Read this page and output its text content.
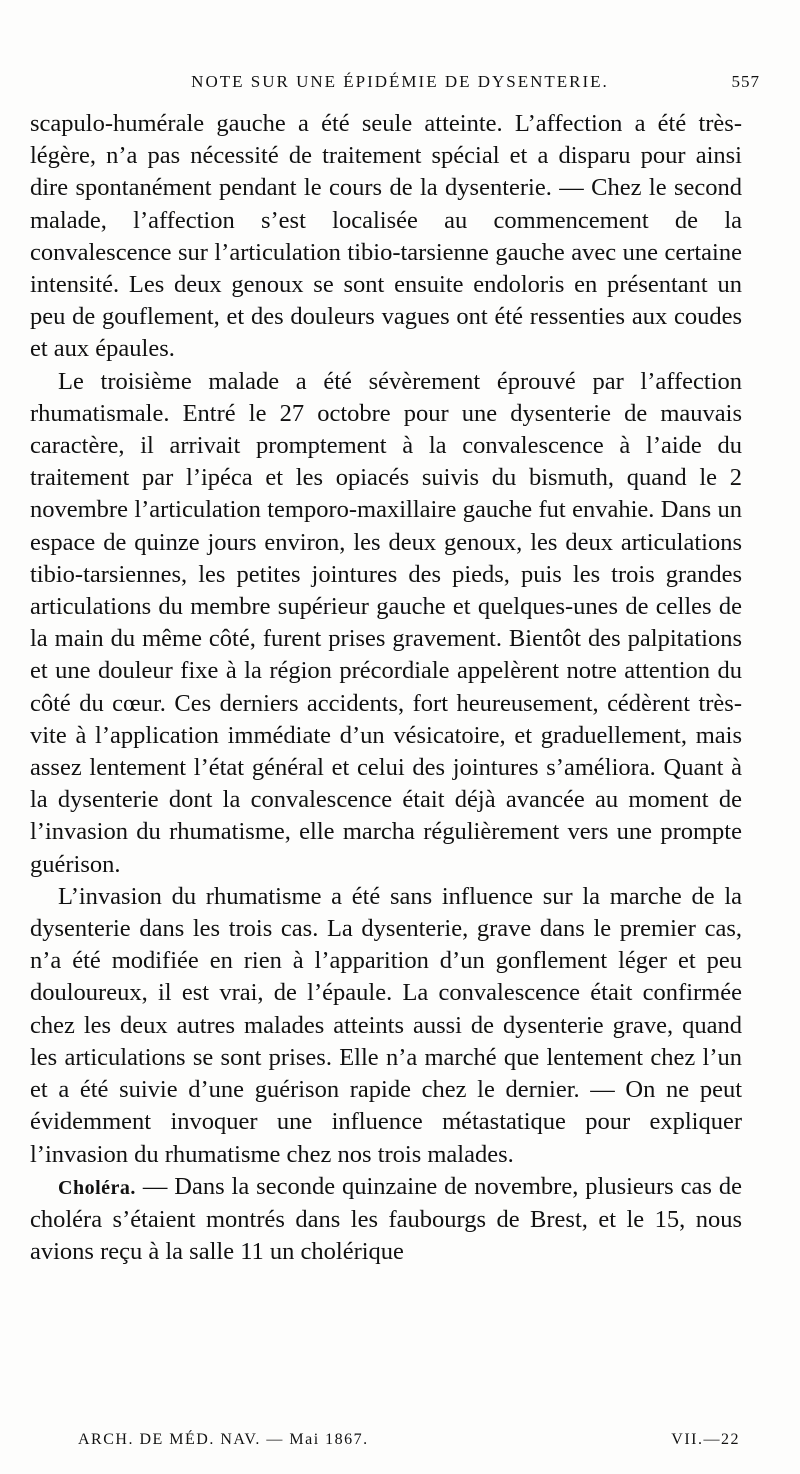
NOTE SUR UNE ÉPIDÉMIE DE DYSENTERIE.	557

scapulo-humérale gauche a été seule atteinte. L’affection a été très-légère, n’a pas nécessité de traitement spécial et a disparu pour ainsi dire spontanément pendant le cours de la dysenterie. — Chez le second malade, l’affection s’est localisée au commencement de la convalescence sur l’articulation tibio-tarsienne gauche avec une certaine intensité. Les deux genoux se sont ensuite endoloris en présentant un peu de gouflement, et des douleurs vagues ont été ressenties aux coudes et aux épaules.

Le troisième malade a été sévèrement éprouvé par l’affection rhumatismale. Entré le 27 octobre pour une dysenterie de mauvais caractère, il arrivait promptement à la convalescence à l’aide du traitement par l’ipéca et les opiacés suivis du bismuth, quand le 2 novembre l’articulation temporo-maxillaire gauche fut envahie. Dans un espace de quinze jours environ, les deux genoux, les deux articulations tibio-tarsiennes, les petites jointures des pieds, puis les trois grandes articulations du membre supérieur gauche et quelques-unes de celles de la main du même côté, furent prises gravement. Bientôt des palpitations et une douleur fixe à la région précordiale appelèrent notre attention du côté du cœur. Ces derniers accidents, fort heureusement, cédèrent très-vite à l’application immédiate d’un vésicatoire, et graduellement, mais assez lentement l’état général et celui des jointures s’améliora. Quant à la dysenterie dont la convalescence était déjà avancée au moment de l’invasion du rhumatisme, elle marcha régulièrement vers une prompte guérison.

L’invasion du rhumatisme a été sans influence sur la marche de la dysenterie dans les trois cas. La dysenterie, grave dans le premier cas, n’a été modifiée en rien à l’apparition d’un gonflement léger et peu douloureux, il est vrai, de l’épaule. La convalescence était confirmée chez les deux autres malades atteints aussi de dysenterie grave, quand les articulations se sont prises. Elle n’a marché que lentement chez l’un et a été suivie d’une guérison rapide chez le dernier. — On ne peut évidemment invoquer une influence métastatique pour expliquer l’invasion du rhumatisme chez nos trois malades.

Choléra. — Dans la seconde quinzaine de novembre, plusieurs cas de choléra s’étaient montrés dans les faubourgs de Brest, et le 15, nous avions reçu à la salle 11 un cholérique

ARCH. DE MÉD. NAV. — Mai 1867.	VII.—22
